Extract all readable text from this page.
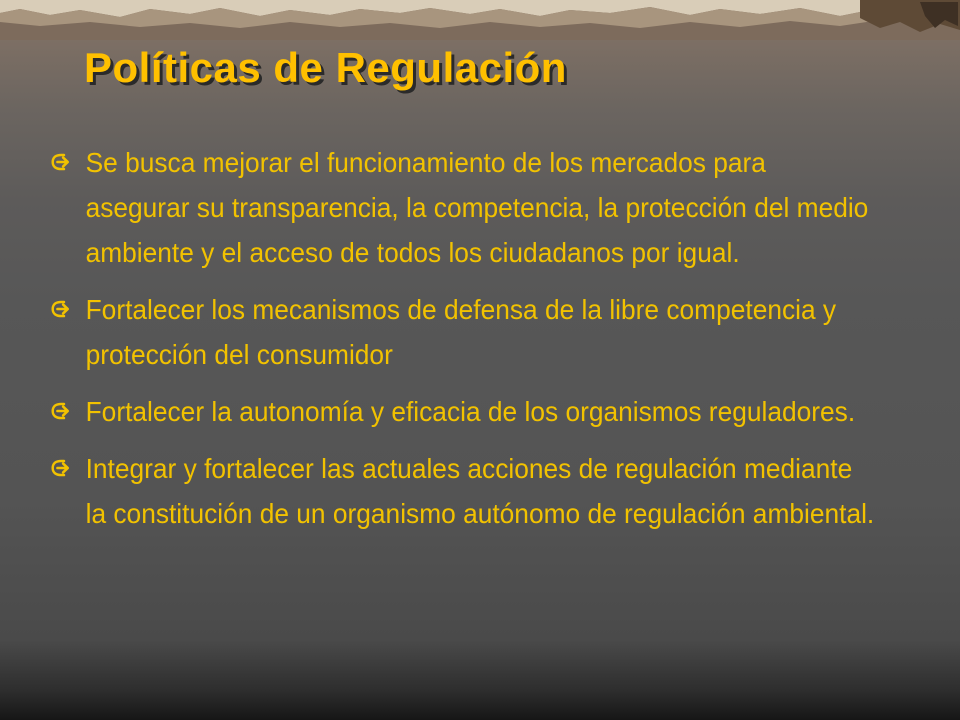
Políticas de Regulación
Se busca mejorar el funcionamiento de los mercados para asegurar su transparencia, la competencia, la protección del medio ambiente y el acceso de todos los ciudadanos por igual.
Fortalecer los mecanismos de defensa de la libre competencia y protección del consumidor
Fortalecer la autonomía y eficacia de los organismos reguladores.
Integrar y fortalecer las actuales acciones de regulación mediante la constitución de un organismo autónomo de regulación ambiental.
